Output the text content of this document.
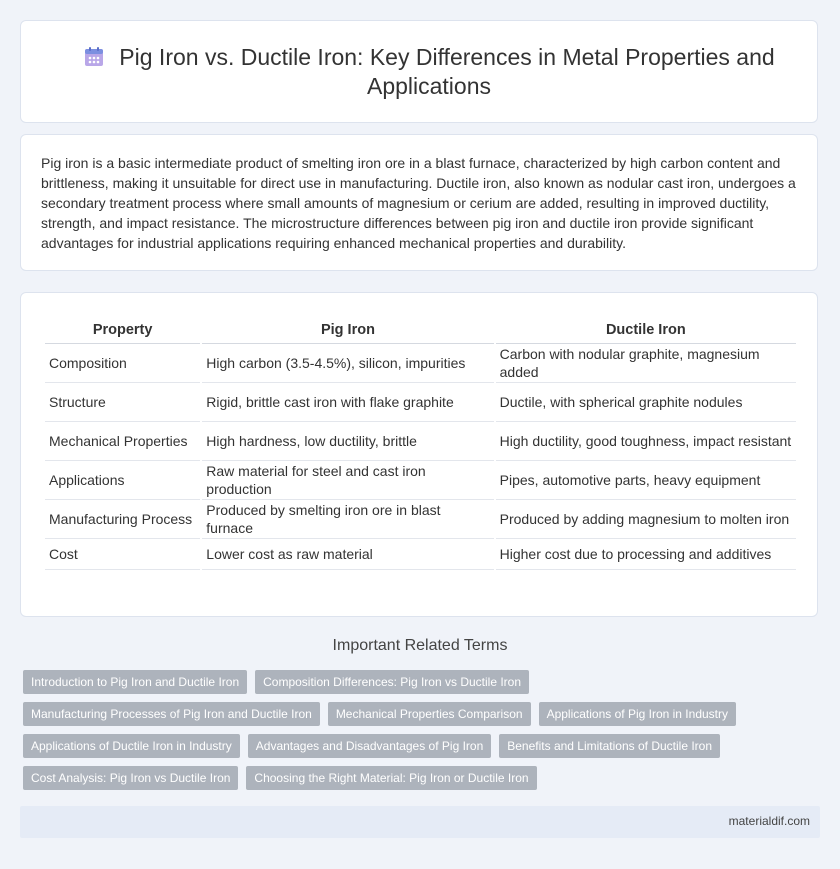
Pig Iron vs. Ductile Iron: Key Differences in Metal Properties and Applications

Pig iron is a basic intermediate product of smelting iron ore in a blast furnace, characterized by high carbon content and brittleness, making it unsuitable for direct use in manufacturing. Ductile iron, also known as nodular cast iron, undergoes a secondary treatment process where small amounts of magnesium or cerium are added, resulting in improved ductility, strength, and impact resistance. The microstructure differences between pig iron and ductile iron provide significant advantages for industrial applications requiring enhanced mechanical properties and durability.

Property	Pig Iron	Ductile Iron
Composition	High carbon (3.5-4.5%), silicon, impurities	Carbon with nodular graphite, magnesium added
Structure	Rigid, brittle cast iron with flake graphite	Ductile, with spherical graphite nodules
Mechanical Properties	High hardness, low ductility, brittle	High ductility, good toughness, impact resistant
Applications	Raw material for steel and cast iron production	Pipes, automotive parts, heavy equipment
Manufacturing Process	Produced by smelting iron ore in blast furnace	Produced by adding magnesium to molten iron
Cost	Lower cost as raw material	Higher cost due to processing and additives
Important Related Terms
Introduction to Pig Iron and Ductile Iron	Composition Differences: Pig Iron vs Ductile Iron
Manufacturing Processes of Pig Iron and Ductile Iron	Mechanical Properties Comparison	Applications of Pig Iron in Industry
Applications of Ductile Iron in Industry	Advantages and Disadvantages of Pig Iron	Benefits and Limitations of Ductile Iron
Cost Analysis: Pig Iron vs Ductile Iron	Choosing the Right Material: Pig Iron or Ductile Iron
materialdif.com
